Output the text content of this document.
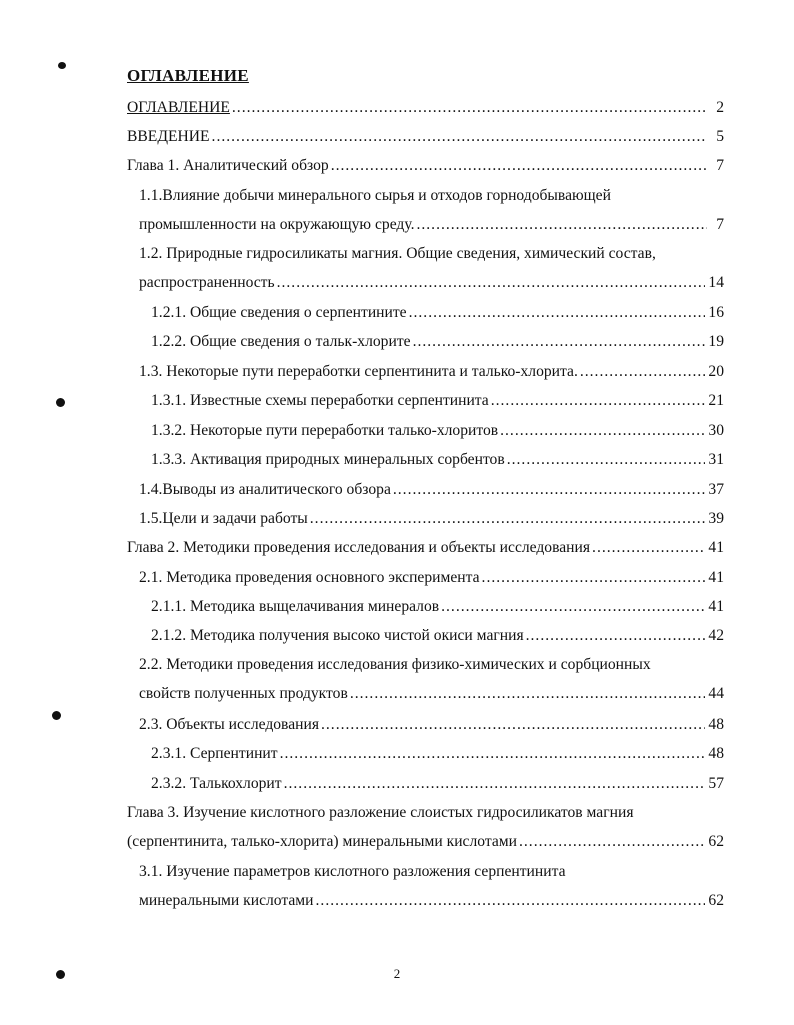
ОГЛАВЛЕНИЕ
ОГЛАВЛЕНИЕ .....	2
ВВЕДЕНИЕ .....	5
Глава 1. Аналитический обзор .....	7
1.1.Влияние добычи минерального сырья и отходов горнодобывающей
промышленности на окружающую среду. .....	7
1.2. Природные гидросиликаты магния. Общие сведения, химический состав,
распространенность .....	14
1.2.1. Общие сведения о серпентините .....	16
1.2.2. Общие сведения о тальк-хлорите .....	19
1.3. Некоторые пути переработки серпентинита и талько-хлорита. .....	20
1.3.1. Известные схемы переработки серпентинита .....	21
1.3.2. Некоторые пути переработки талько-хлоритов .....	30
1.3.3. Активация природных минеральных сорбентов .....	31
1.4.Выводы из аналитического обзора .....	37
1.5.Цели и задачи работы .....	39
Глава 2. Методики проведения исследования и объекты исследования .....	41
2.1. Методика проведения основного эксперимента .....	41
2.1.1. Методика выщелачивания минералов .....	41
2.1.2. Методика получения высоко чистой окиси магния .....	42
2.2. Методики проведения исследования физико-химических и сорбционных
свойств полученных продуктов .....	44
2.3. Объекты исследования .....	48
2.3.1. Серпентинит .....	48
2.3.2. Талькохлорит .....	57
Глава 3. Изучение кислотного разложение слоистых гидросиликатов магния
(серпентинита, талько-хлорита) минеральными кислотами .....	62
3.1. Изучение параметров кислотного разложения серпентинита
минеральными кислотами .....	62
2
